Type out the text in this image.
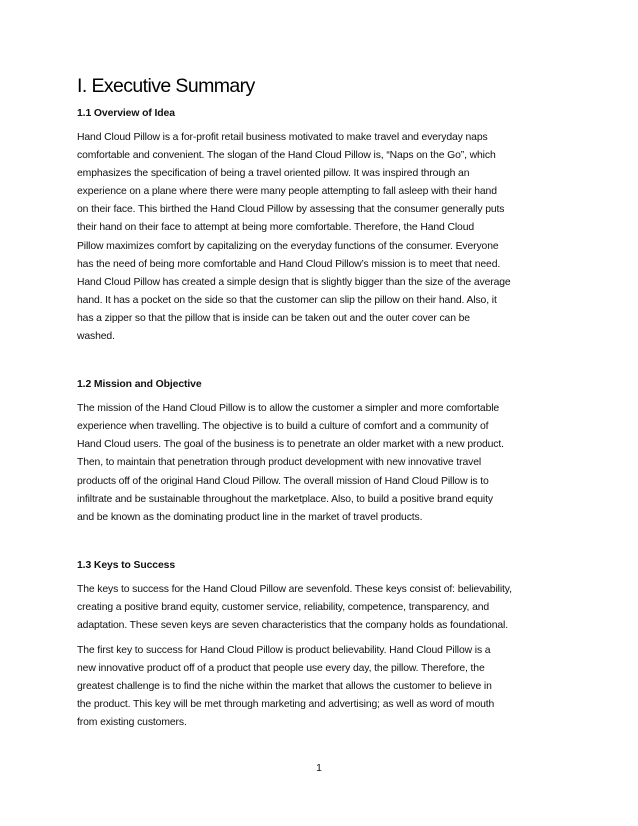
I. Executive Summary
1.1 Overview of Idea

Hand Cloud Pillow is a for-profit retail business motivated to make travel and everyday naps
comfortable and convenient. The slogan of the Hand Cloud Pillow is, “Naps on the Go”, which
emphasizes the specification of being a travel oriented pillow. It was inspired through an
experience on a plane where there were many people attempting to fall asleep with their hand
on their face. This birthed the Hand Cloud Pillow by assessing that the consumer generally puts
their hand on their face to attempt at being more comfortable. Therefore, the Hand Cloud
Pillow maximizes comfort by capitalizing on the everyday functions of the consumer. Everyone
has the need of being more comfortable and Hand Cloud Pillow’s mission is to meet that need.
Hand Cloud Pillow has created a simple design that is slightly bigger than the size of the average
hand. It has a pocket on the side so that the customer can slip the pillow on their hand. Also, it
has a zipper so that the pillow that is inside can be taken out and the outer cover can be
washed.

1.2 Mission and Objective

The mission of the Hand Cloud Pillow is to allow the customer a simpler and more comfortable
experience when travelling. The objective is to build a culture of comfort and a community of
Hand Cloud users. The goal of the business is to penetrate an older market with a new product.
Then, to maintain that penetration through product development with new innovative travel
products off of the original Hand Cloud Pillow. The overall mission of Hand Cloud Pillow is to
infiltrate and be sustainable throughout the marketplace. Also, to build a positive brand equity
and be known as the dominating product line in the market of travel products.

1.3 Keys to Success

The keys to success for the Hand Cloud Pillow are sevenfold. These keys consist of: believability,
creating a positive brand equity, customer service, reliability, competence, transparency, and
adaptation. These seven keys are seven characteristics that the company holds as foundational.

The first key to success for Hand Cloud Pillow is product believability. Hand Cloud Pillow is a
new innovative product off of a product that people use every day, the pillow. Therefore, the
greatest challenge is to find the niche within the market that allows the customer to believe in
the product. This key will be met through marketing and advertising; as well as word of mouth
from existing customers.

1
